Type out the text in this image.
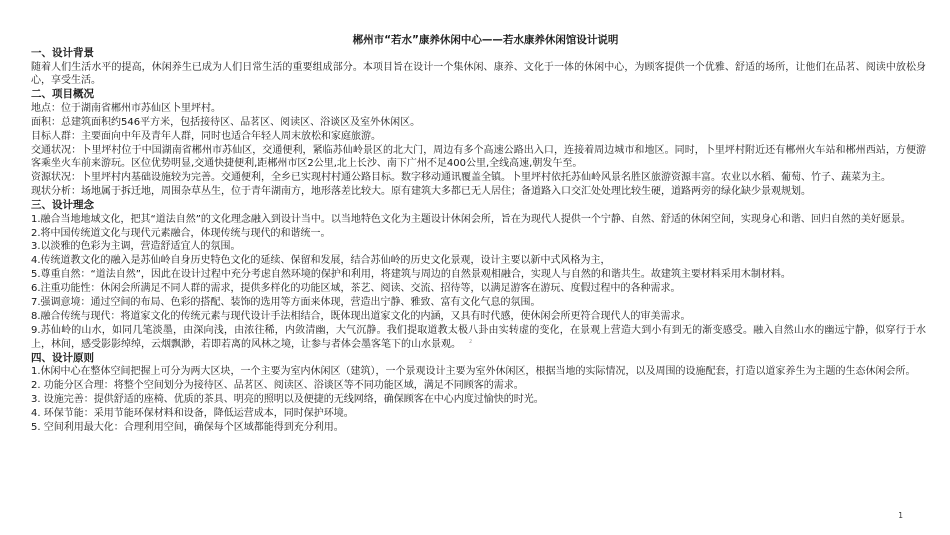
郴州市“若水”康养休闲中心——若水康养休闲馆设计说明
一、设计背景
随着人们生活水平的提高，休闲养生已成为人们日常生活的重要组成部分。本项目旨在设计一个集休闲、康养、文化于一体的休闲中心，为顾客提供一个优雅、舒适的场所，让他们在品茗、阅读中放松身心，享受生活。
二、项目概况
地点：位于湖南省郴州市苏仙区卜里坪村。
面积：总建筑面积约546平方米，包括接待区、品茗区、阅读区、浴谈区及室外休闲区。
目标人群：主要面向中年及青年人群，同时也适合年轻人周末放松和家庭旅游。
交通状况：卜里坪村位于中国湖南省郴州市苏仙区，交通便利，紧临苏仙岭景区的北大门，周边有多个高速公路出入口，连接着周边城市和地区。同时，卜里坪村附近还有郴州火车站和郴州西站，方便游客乘坐火车前来游玩。区位优势明显,交通快捷便利,距郴州市区2公里,北上长沙、南下广州不足400公里,全线高速,朝发午至。
资源状况：卜里坪村内基础设施较为完善。交通便利，全乡已实现村村通公路目标。数字移动通讯覆盖全镇。卜里坪村依托苏仙岭风景名胜区旅游资源丰富。农业以水稻、葡萄、竹子、蔬菜为主。
现状分析：场地属于拆迁地，周围杂草丛生，位于青年湖南方，地形落差比较大。原有建筑大多都已无人居住；备道路入口交汇处处理比较生硬，道路两旁的绿化缺少景观规划。
三、设计理念
1.融合当地地域文化，把其“道法自然”的文化理念融入到设计当中。以当地特色文化为主题设计休闲会所，旨在为现代人提供一个宁静、自然、舒适的休闲空间，实现身心和谐、回归自然的美好愿景。
2.将中国传统道文化与现代元素融合，体现传统与现代的和谐统一。
3.以淡雅的色彩为主调，营造舒适宜人的氛围。
4.传统道教文化的融入是苏仙岭自身历史特色文化的延续、保留和发展，结合苏仙岭的历史文化景观，设计主要以新中式风格为主，
5.尊重自然：“道法自然”，因此在设计过程中充分考虑自然环境的保护和利用，将建筑与周边的自然景观相融合，实现人与自然的和谐共生。故建筑主要材料采用木制材料。
6.注重功能性：休闲会所满足不同人群的需求，提供多样化的功能区域，茶艺、阅读、交流、招待等，以满足游客在游玩、度假过程中的各种需求。
7.强调意境：通过空间的布局、色彩的搭配、装饰的选用等方面来体现，营造出宁静、雅致、富有文化气息的氛围。
8.融合传统与现代：将道家文化的传统元素与现代设计手法相结合，既体现出道家文化的内涵，又具有时代感，使休闲会所更符合现代人的审美需求。
9.苏仙岭的山水，如同几笔淡墨，由深向浅，由浓往稀，内敛清幽，大气沉静。我们提取道教太极八卦由实转虚的变化，在景观上营造大到小有到无的渐变感受。融入自然山水的幽远宁静，似穿行于水上，林间，感受影影绰绰，云烟飘渺，若即若离的风林之境，让参与者体会墨客笔下的山水景观。
四、设计原则
1.休闲中心在整体空间把握上可分为两大区块，一个主要为室内休闲区（建筑），一个景观设计主要为室外休闲区，根据当地的实际情况，以及周围的设施配套，打造以道家养生为主题的生态休闲会所。
2. 功能分区合理：将整个空间划分为接待区、品茗区、阅读区、浴谈区等不同功能区域，满足不同顾客的需求。
3. 设施完善：提供舒适的座椅、优质的茶具、明亮的照明以及便捷的无线网络，确保顾客在中心内度过愉快的时光。
4. 环保节能：采用节能环保材料和设备，降低运营成本，同时保护环境。
5. 空间利用最大化：合理利用空间，确保每个区域都能得到充分利用。
2
1
